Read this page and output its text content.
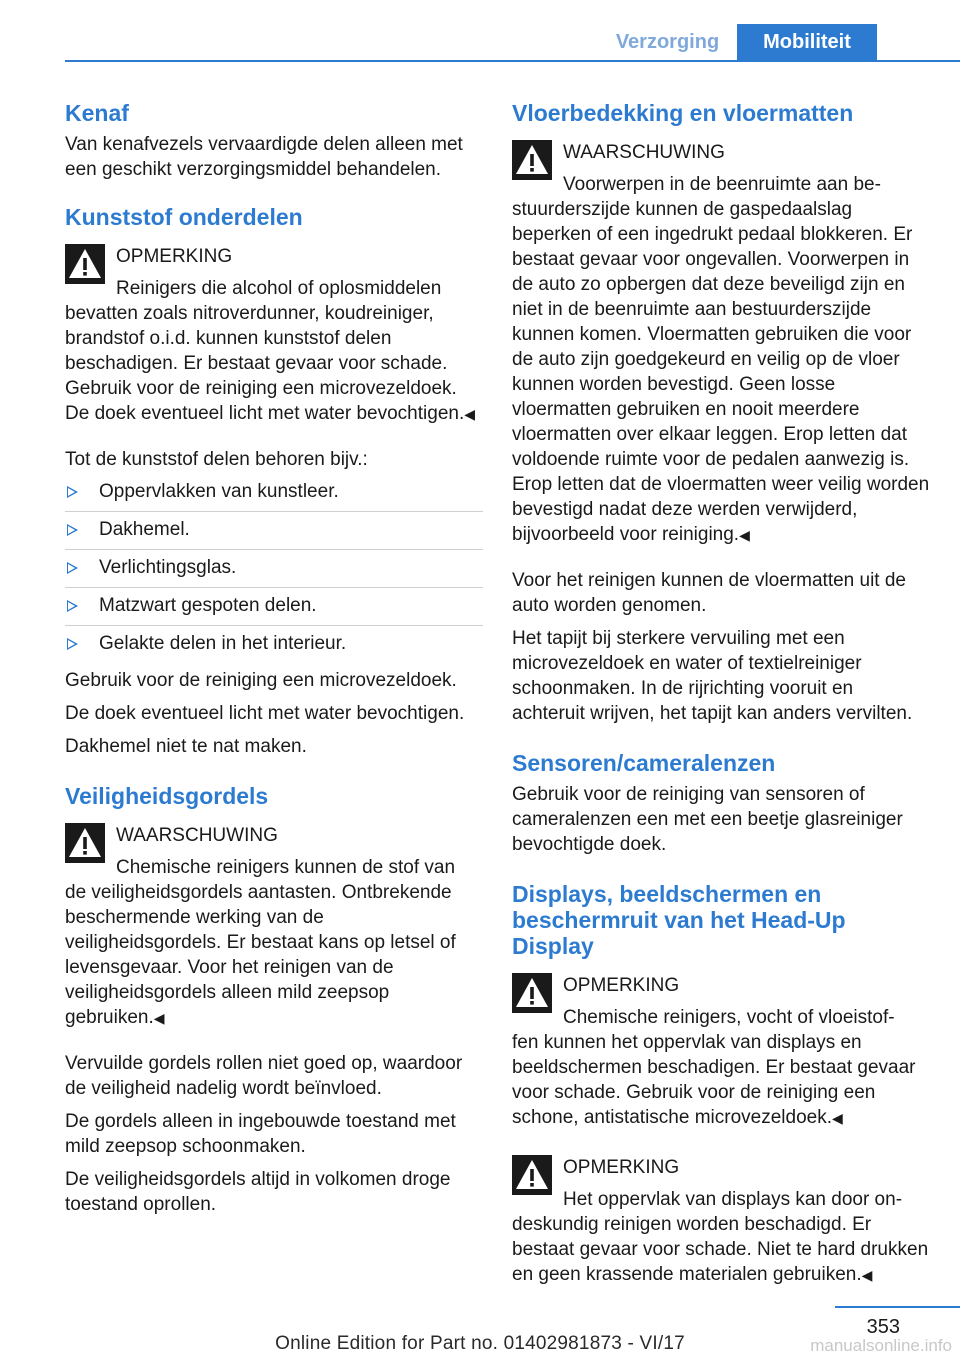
Verzorging	Mobiliteit
Kenaf

Van kenafvezels vervaardigde delen alleen met een geschikt verzorgingsmiddel behandelen.

Kunststof onderdelen
OPMERKING
Reinigers die alcohol of oplosmiddelen
bevatten zoals nitroverdunner, koudreiniger, brandstof o.i.d. kunnen kunststof delen beschadigen. Er bestaat gevaar voor schade. Gebruik voor de reiniging een microvezeldoek. De doek eventueel licht met water bevochtigen.◀

Tot de kunststof delen behoren bijv.:

Oppervlakken van kunstleer.
Dakhemel.
Verlichtingsglas.
Matzwart gespoten delen.
Gelakte delen in het interieur.

Gebruik voor de reiniging een microvezeldoek.

De doek eventueel licht met water bevochtigen.

Dakhemel niet te nat maken.

Veiligheidsgordels
WAARSCHUWING
Chemische reinigers kunnen de stof van
de veiligheidsgordels aantasten. Ontbrekende beschermende werking van de veiligheidsgordels. Er bestaat kans op letsel of levensgevaar. Voor het reinigen van de veiligheidsgordels alleen mild zeepsop gebruiken.◀

Vervuilde gordels rollen niet goed op, waardoor de veiligheid nadelig wordt beïnvloed.

De gordels alleen in ingebouwde toestand met mild zeepsop schoonmaken.

De veiligheidsgordels altijd in volkomen droge toestand oprollen.

Vloerbedekking en vloermatten
WAARSCHUWING
Voorwerpen in de beenruimte aan be-
stuurderszijde kunnen de gaspedaalslag beperken of een ingedrukt pedaal blokkeren. Er bestaat gevaar voor ongevallen. Voorwerpen in de auto zo opbergen dat deze beveiligd zijn en niet in de beenruimte aan bestuurderszijde kunnen komen. Vloermatten gebruiken die voor de auto zijn goedgekeurd en veilig op de vloer kunnen worden bevestigd. Geen losse vloermatten gebruiken en nooit meerdere vloermatten over elkaar leggen. Erop letten dat voldoende ruimte voor de pedalen aanwezig is. Erop letten dat de vloermatten weer veilig worden bevestigd nadat deze werden verwijderd, bijvoorbeeld voor reiniging.◀

Voor het reinigen kunnen de vloermatten uit de auto worden genomen.

Het tapijt bij sterkere vervuiling met een microvezeldoek en water of textielreiniger schoonmaken. In de rijrichting vooruit en achteruit wrijven, het tapijt kan anders vervilten.

Sensoren/cameralenzen

Gebruik voor de reiniging van sensoren of cameralenzen een met een beetje glasreiniger bevochtigde doek.

Displays, beeldschermen en beschermruit van het Head-Up Display
OPMERKING
Chemische reinigers, vocht of vloeistof-
fen kunnen het oppervlak van displays en beeldschermen beschadigen. Er bestaat gevaar voor schade. Gebruik voor de reiniging een schone, antistatische microvezeldoek.◀
OPMERKING
Het oppervlak van displays kan door on-
deskundig reinigen worden beschadigd. Er bestaat gevaar voor schade. Niet te hard drukken en geen krassende materialen gebruiken.◀
353
Online Edition for Part no. 01402981873 - VI/17	manualsonline.info
